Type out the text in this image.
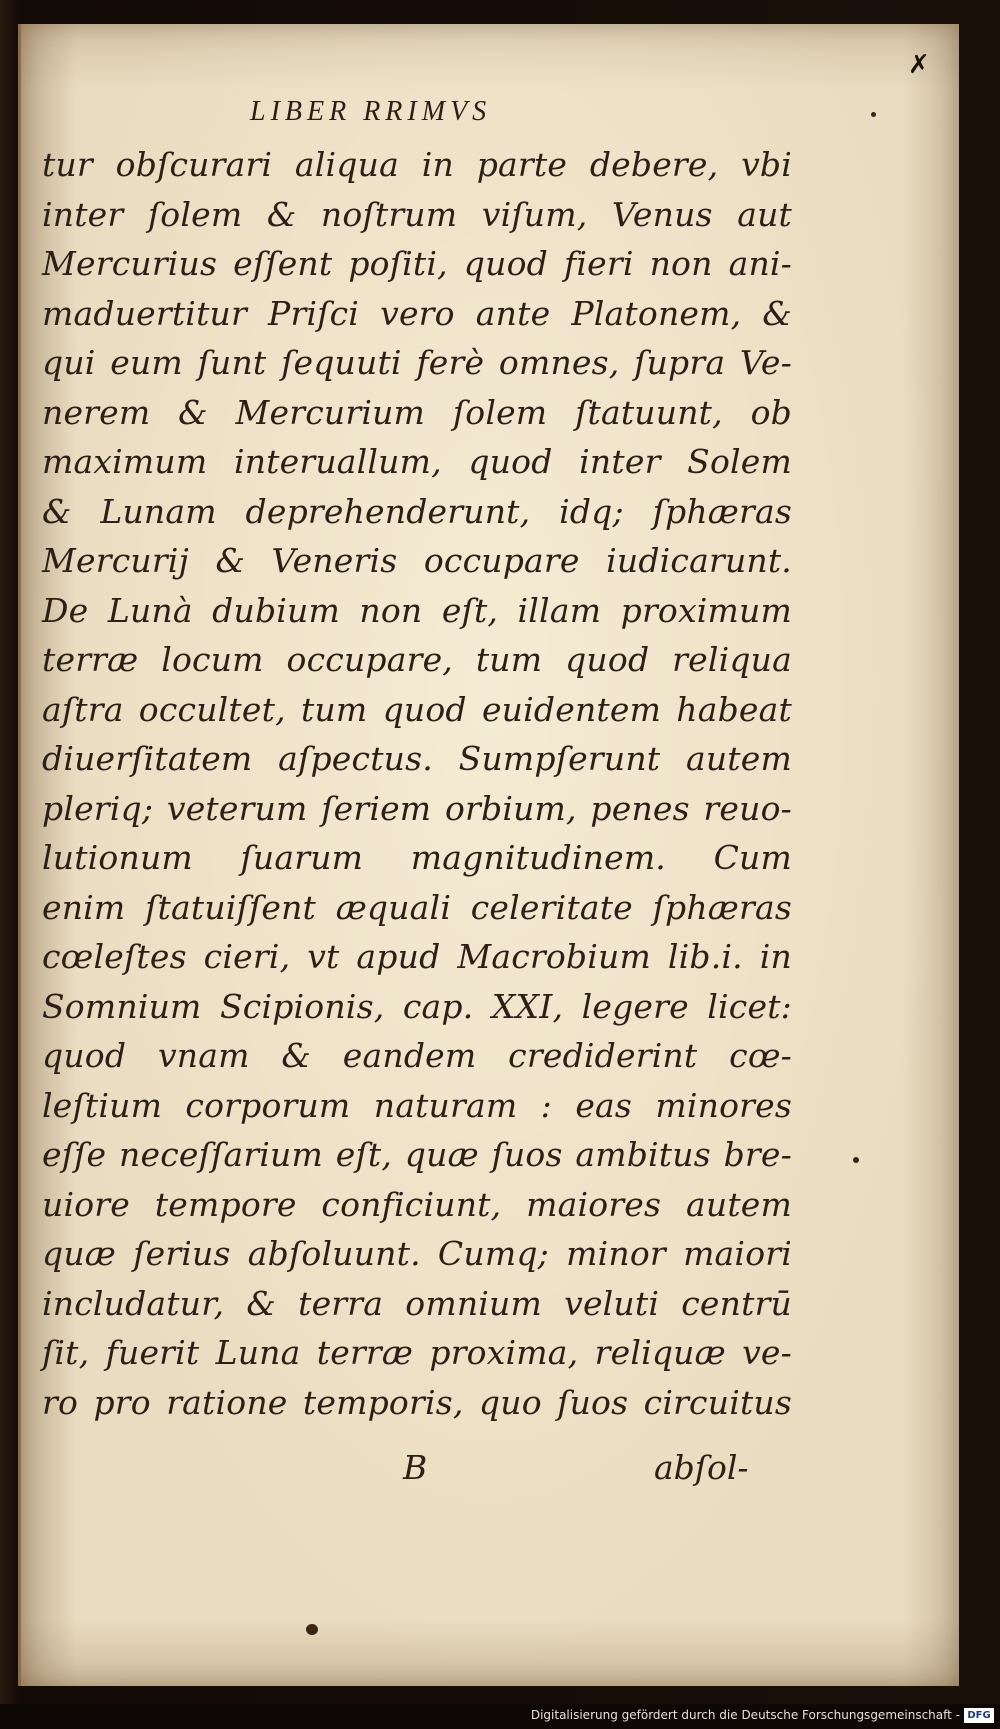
LIBER RRIMVS
✗
tur obſcurari aliqua in parte debere, vbi
inter ſolem & noſtrum viſum, Venus aut
Mercurius eſſent poſiti, quod fieri non ani-
maduertitur Priſci vero ante Platonem, &
qui eum ſunt ſequuti ferè omnes, ſupra Ve-
nerem & Mercurium ſolem ſtatuunt, ob
maximum interuallum, quod inter Solem
& Lunam deprehenderunt, idq; ſphæras
Mercurij & Veneris occupare iudicarunt.
De Lunà dubium non eſt, illam proximum
terræ locum occupare, tum quod reliqua
aſtra occultet, tum quod euidentem habeat
diuerſitatem aſpectus. Sumpſerunt autem
pleriq; veterum ſeriem orbium, penes reuo-
lutionum ſuarum magnitudinem. Cum
enim ſtatuiſſent æquali celeritate ſphæras
cœleſtes cieri, vt apud Macrobium lib.i. in
Somnium Scipionis, cap. XXI, legere licet:
quod vnam & eandem crediderint cœ-
leſtium corporum naturam : eas minores
eſſe neceſſarium eſt, quæ ſuos ambitus bre-
uiore tempore conficiunt, maiores autem
quæ ſerius abſoluunt. Cumq; minor maiori
includatur, & terra omnium veluti centrū
ſit, fuerit Luna terræ proxima, reliquæ ve-
ro pro ratione temporis, quo ſuos circuitus
B	abſol-
Digitalisierung gefördert durch die Deutsche Forschungsgemeinschaft - DFG
